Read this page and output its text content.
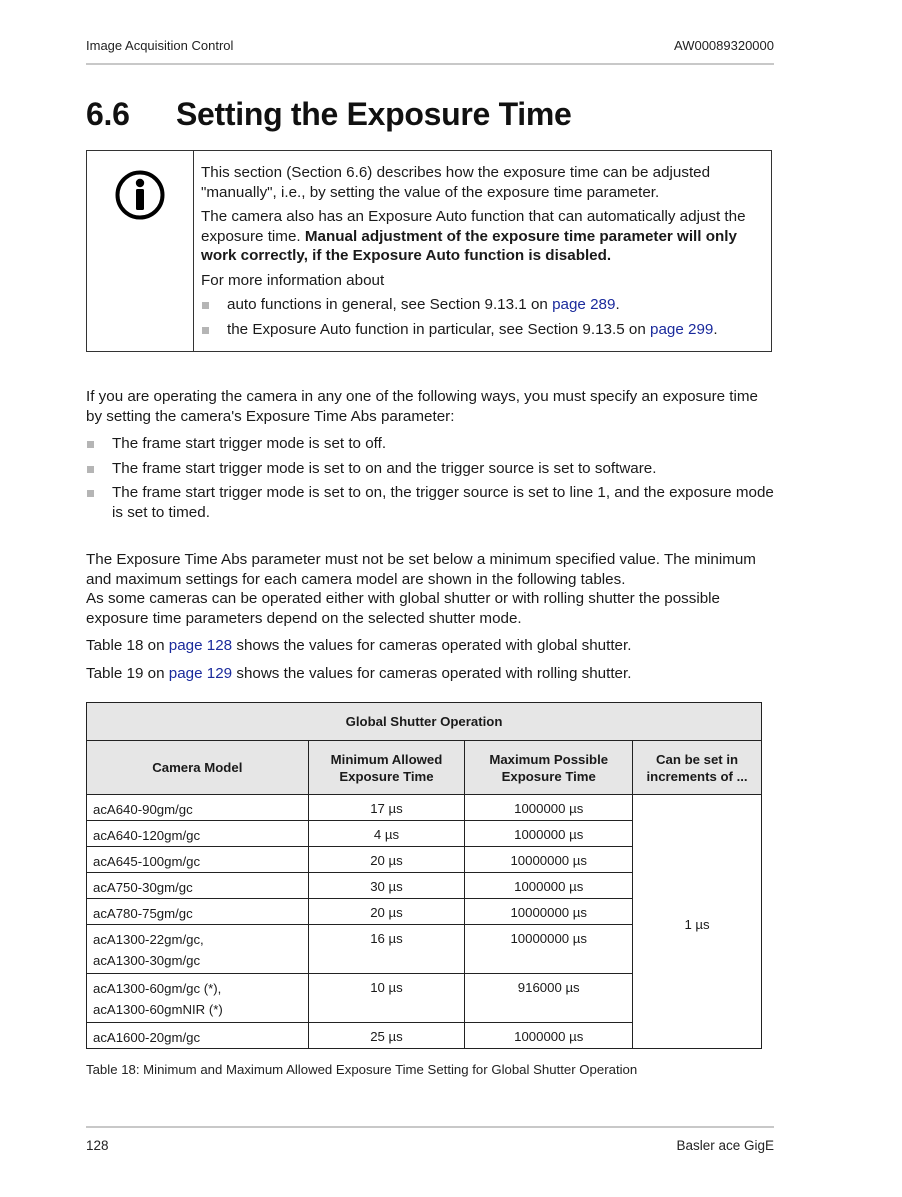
Image Acquisition Control	AW00089320000
6.6 Setting the Exposure Time

This section (Section 6.6) describes how the exposure time can be adjusted "manually", i.e., by setting the value of the exposure time parameter.

The camera also has an Exposure Auto function that can automatically adjust the exposure time. Manual adjustment of the exposure time parameter will only work correctly, if the Exposure Auto function is disabled.

For more information about

auto functions in general, see Section 9.13.1 on page 289.
the Exposure Auto function in particular, see Section 9.13.5 on page 299.

If you are operating the camera in any one of the following ways, you must specify an exposure time by setting the camera's Exposure Time Abs parameter:

The frame start trigger mode is set to off.
The frame start trigger mode is set to on and the trigger source is set to software.
The frame start trigger mode is set to on, the trigger source is set to line 1, and the exposure mode is set to timed.
The Exposure Time Abs parameter must not be set below a minimum specified value. The minimum and maximum settings for each camera model are shown in the following tables.

As some cameras can be operated either with global shutter or with rolling shutter the possible exposure time parameters depend on the selected shutter mode.

Table 18 on page 128 shows the values for cameras operated with global shutter.

Table 19 on page 129 shows the values for cameras operated with rolling shutter.

Global Shutter Operation			
Camera Model	Minimum Allowed Exposure Time	Maximum Possible Exposure Time	Can be set in increments of ...
acA640-90gm/gc	17 µs	1000000 µs	1 µs
acA640-120gm/gc	4 µs	1000000 µs	
acA645-100gm/gc	20 µs	10000000 µs	
acA750-30gm/gc	30 µs	1000000 µs	
acA780-75gm/gc	20 µs	10000000 µs	

acA1300-22gm/gc,
acA1300-30gm/gc	16 µs	10000000 µs	

acA1300-60gm/gc (*),
acA1300-60gmNIR (*)	10 µs	916000 µs	
acA1600-20gm/gc	25 µs	1000000 µs	
Table 18: Minimum and Maximum Allowed Exposure Time Setting for Global Shutter Operation
128	Basler ace GigE
